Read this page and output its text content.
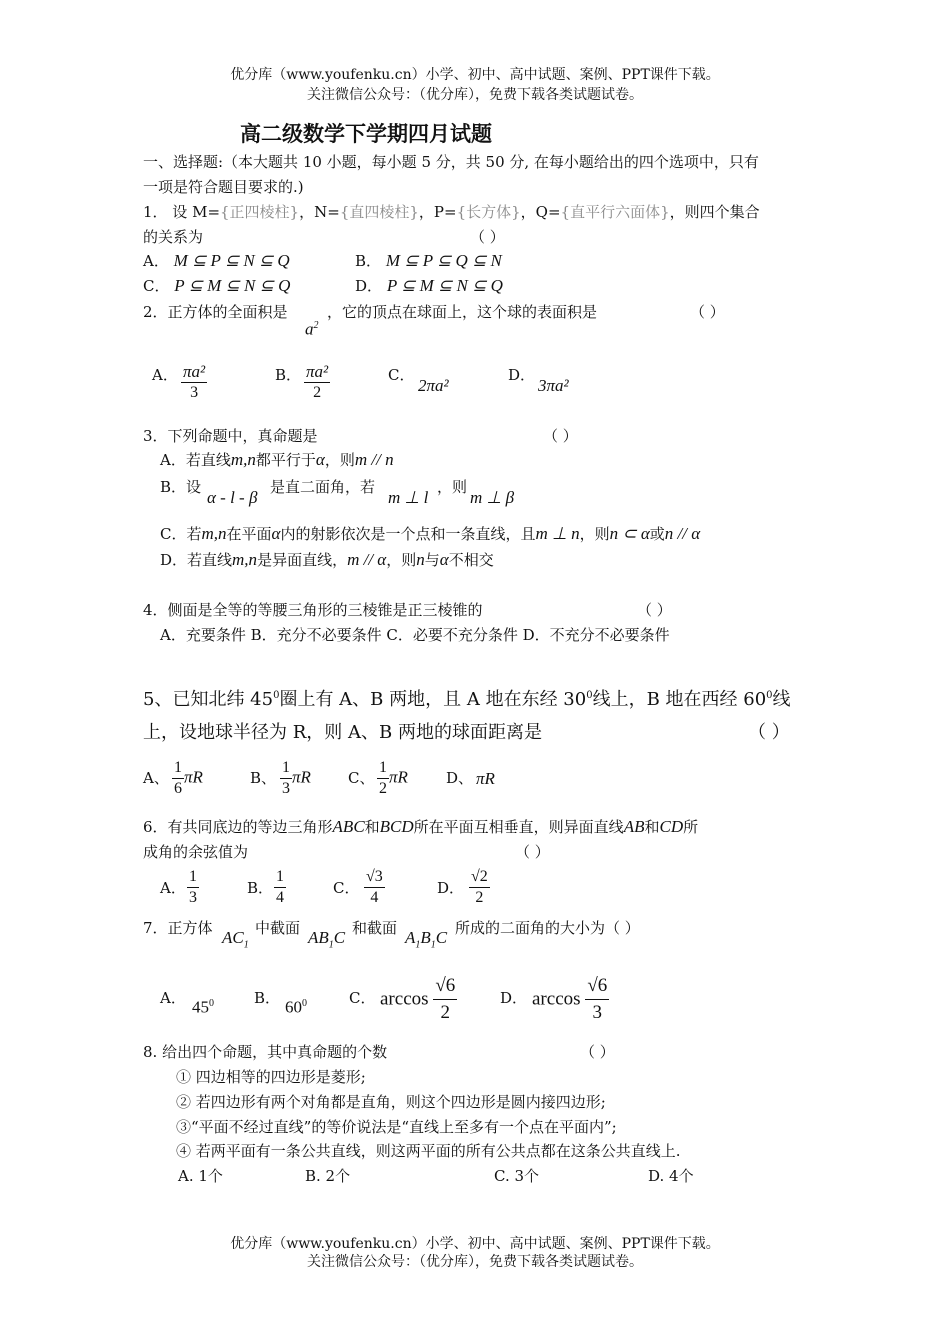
优分库（www.youfenku.cn）小学、初中、高中试题、案例、PPT课件下载。
关注微信公众号：（优分库），免费下载各类试题试卷。
高二级数学下学期四月试题
一、选择题:（本大题共 10 小题，每小题 5 分，共 50 分, 在每小题给出的四个选项中，只有
一项是符合题目要求的.)
1． 设 M={正四棱柱}，N={直四棱柱}，P={长方体}，Q={直平行六面体}，则四个集合
的关系为	（ ）
A． M ⊆ P ⊆ N ⊆ Q	B． M ⊆ P ⊆ Q ⊆ N
C． P ⊆ M ⊆ N ⊆ Q	D． P ⊆ M ⊆ N ⊆ Q
2．正方体的全面积是
$a^2$
，它的顶点在球面上，这个球的表面积是	（ ）
A． $\frac{\text{πa²}}{3}$	B． $\frac{\text{πa²}}{2}$	C．
2πa²
D．
3πa²
3．下列命题中，真命题是	（ ）
A．若直线m,n都平行于α，则m // n
B．设
α - l - β
是直二面角，若
m ⊥ l
，则
m ⊥ β
C．若m,n在平面α内的射影依次是一个点和一条直线，且m ⊥ n，则n ⊂ α或n // α
D．若直线m,n是异面直线，m // α，则n与α不相交
4．侧面是全等的等腰三角形的三棱锥是正三棱锥的	（ ）
A．充要条件 B．充分不必要条件 C．必要不充分条件 D．不充分不必要条件
5、已知北纬 $45^0$圈上有 A、B 两地，且 A 地在东经 $30^0$线上，B 地在西经 $60^0$线
上，设地球半径为 R，则 A、B 两地的球面距离是	（ ）
A、 $\frac{1}{6}$ πR	B、 $\frac{1}{3}$ πR C、 $\frac{1}{2}$ πR	D、 πR
6．有共同底边的等边三角形ABC和BCD所在平面互相垂直，则异面直线AB和CD所
成角的余弦值为	（ ）
A． $\frac{1}{3}$	B． $\frac{1}{4}$	C． $\frac{√3}{4}$	D． $\frac{√2}{2}$
7．正方体 $AC_1$
中截面 $AB_1C$ 和截面 $A_1B_1C$ 所成的二面角的大小为（ ）
A． $45^0$	B． $60^0$	C． $\arccos \frac{√6}{2}$	D． $\arccos \frac{√6}{3}$
8. 给出四个命题，其中真命题的个数	（ ）
① 四边相等的四边形是菱形;
② 若四边形有两个对角都是直角，则这个四边形是圆内接四边形;
③“平面不经过直线”的等价说法是“直线上至多有一个点在平面内”;
④ 若两平面有一条公共直线，则这两平面的所有公共点都在这条公共直线上.
A. 1个	B. 2个	C. 3个	D. 4个
优分库（www.youfenku.cn）小学、初中、高中试题、案例、PPT课件下载。
关注微信公众号：（优分库），免费下载各类试题试卷。
